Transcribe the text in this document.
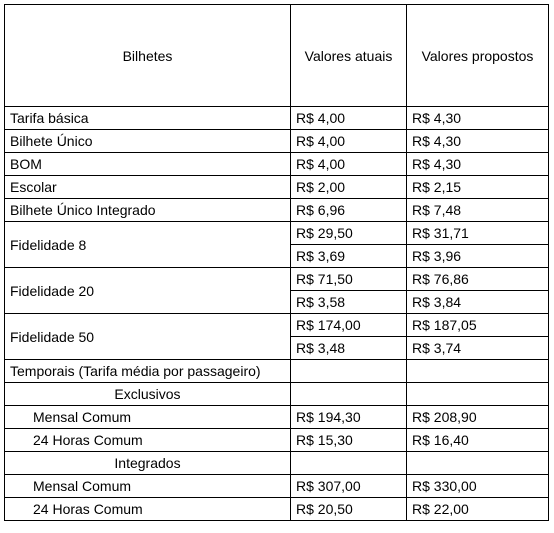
Bilhetes	Valores atuais	Valores propostos
Tarifa básica	R$ 4,00	R$ 4,30
Bilhete Único	R$ 4,00	R$ 4,30
BOM	R$ 4,00	R$ 4,30
Escolar	R$ 2,00	R$ 2,15
Bilhete Único Integrado	R$ 6,96	R$ 7,48
Fidelidade 8	R$ 29,50	R$ 31,71
	R$ 3,69	R$ 3,96
Fidelidade 20	R$ 71,50	R$ 76,86
	R$ 3,58	R$ 3,84
Fidelidade 50	R$ 174,00	R$ 187,05
	R$ 3,48	R$ 3,74
Temporais (Tarifa média por passageiro)		
Exclusivos		
Mensal Comum	R$ 194,30	R$ 208,90
24 Horas Comum	R$ 15,30	R$ 16,40
Integrados		
Mensal Comum	R$ 307,00	R$ 330,00
24 Horas Comum	R$ 20,50	R$ 22,00
